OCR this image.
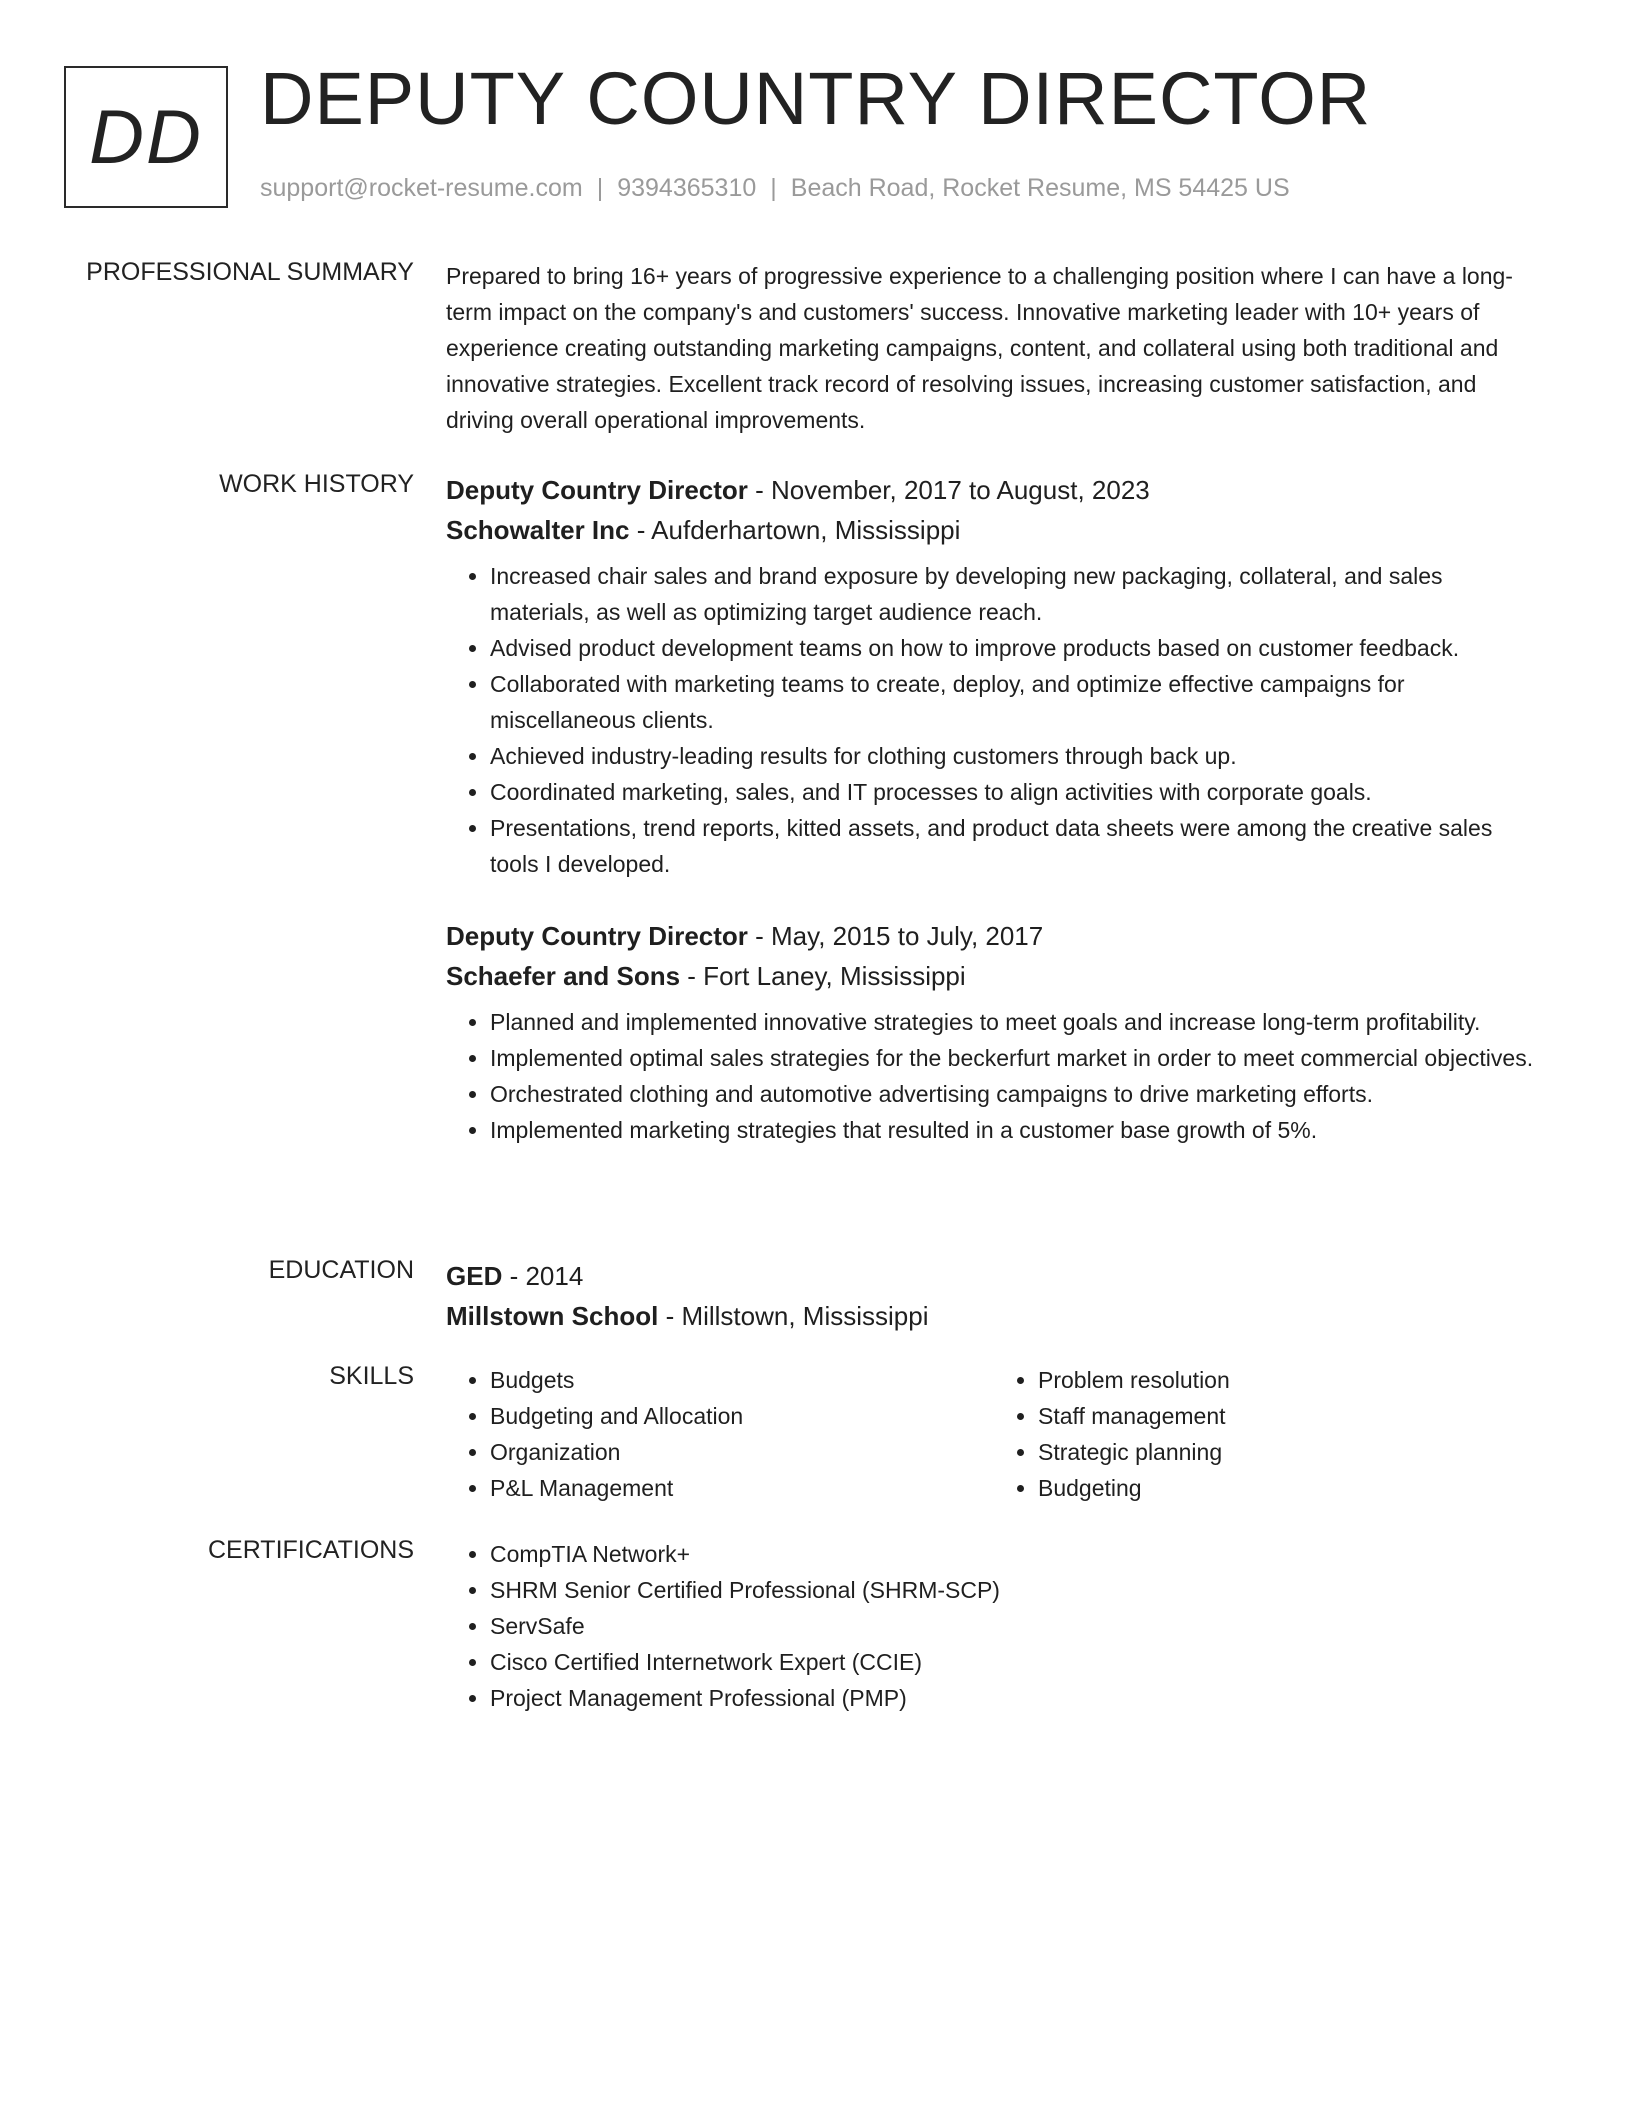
DD DEPUTY COUNTRY DIRECTOR
support@rocket-resume.com | 9394365310 | Beach Road, Rocket Resume, MS 54425 US
PROFESSIONAL SUMMARY Prepared to bring 16+ years of progressive experience to a challenging position where I can have a long-term impact on the company's and customers' success. Innovative marketing leader with 10+ years of experience creating outstanding marketing campaigns, content, and collateral using both traditional and innovative strategies. Excellent track record of resolving issues, increasing customer satisfaction, and driving overall operational improvements.

WORK HISTORY Deputy Country Director - November, 2017 to August, 2023
Schowalter Inc - Aufderhartown, Mississippi
• Increased chair sales and brand exposure by developing new packaging, collateral, and sales materials, as well as optimizing target audience reach.
• Advised product development teams on how to improve products based on customer feedback.
• Collaborated with marketing teams to create, deploy, and optimize effective campaigns for miscellaneous clients.
• Achieved industry-leading results for clothing customers through back up.
• Coordinated marketing, sales, and IT processes to align activities with corporate goals.
• Presentations, trend reports, kitted assets, and product data sheets were among the creative sales tools I developed.
Deputy Country Director - May, 2015 to July, 2017
Schaefer and Sons - Fort Laney, Mississippi
• Planned and implemented innovative strategies to meet goals and increase long-term profitability.
• Implemented optimal sales strategies for the beckerfurt market in order to meet commercial objectives.
• Orchestrated clothing and automotive advertising campaigns to drive marketing efforts.
• Implemented marketing strategies that resulted in a customer base growth of 5%.
EDUCATION GED - 2014
Millstown School - Millstown, Mississippi
SKILLS	• Budgets
• Budgeting and Allocation
• Organization
• P&L Management
• Problem resolution
• Staff management
• Strategic planning
• Budgeting
CERTIFICATIONS	• CompTIA Network+
• SHRM Senior Certified Professional (SHRM-SCP)
• ServSafe
• Cisco Certified Internetwork Expert (CCIE)
• Project Management Professional (PMP)
